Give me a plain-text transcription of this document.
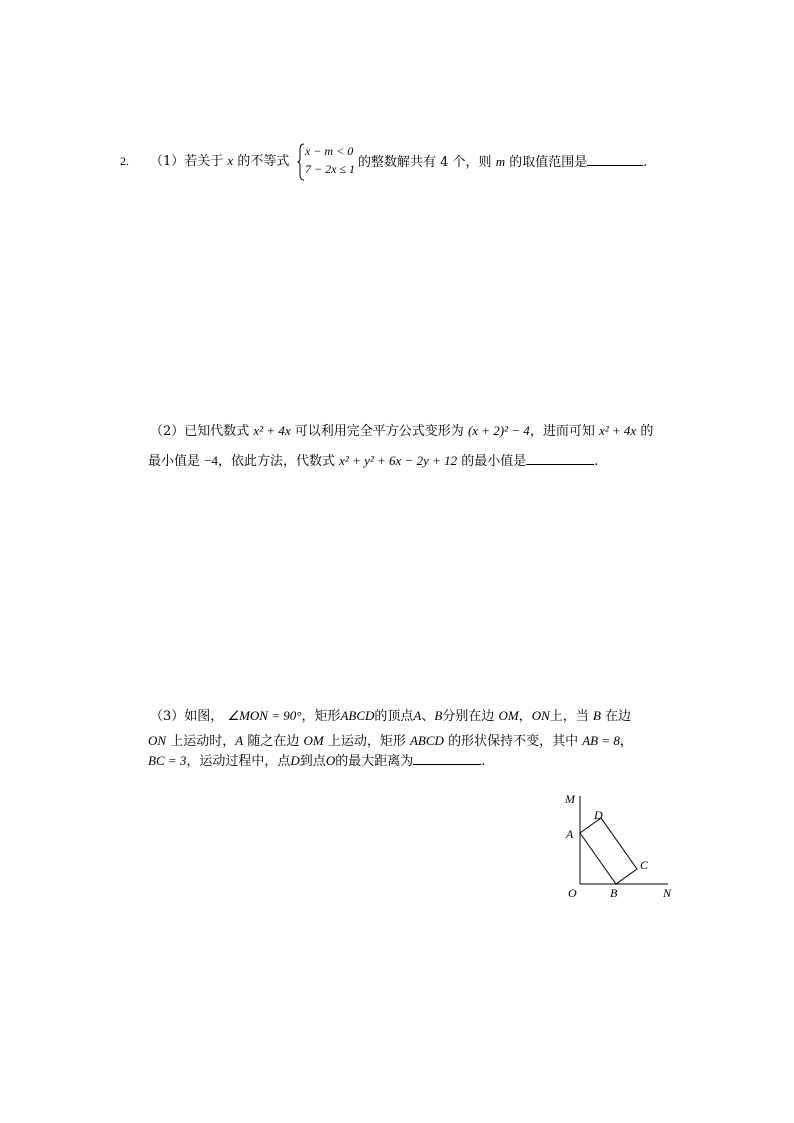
2. （1）若关于 x 的不等式
x − m < 0
7 − 2x ≤ 1 的整数解共有 4 个，则 m 的取值范围是	.
（2）已知代数式 x² + 4x 可以利用完全平方公式变形为 (x + 2)² − 4，进而可知 x² + 4x 的
最小值是 −4，依此方法，代数式 x² + y² + 6x − 2y + 12 的最小值是	.
（3）如图， ∠MON = 90°，矩形ABCD的顶点A、B分别在边 OM，ON上，当 B 在边
ON 上运动时，A 随之在边 OM 上运动，矩形 ABCD 的形状保持不变，其中 AB = 8，
BC = 3，运动过程中，点D到点O的最大距离为	.
M
D
A
C
O	B	N
